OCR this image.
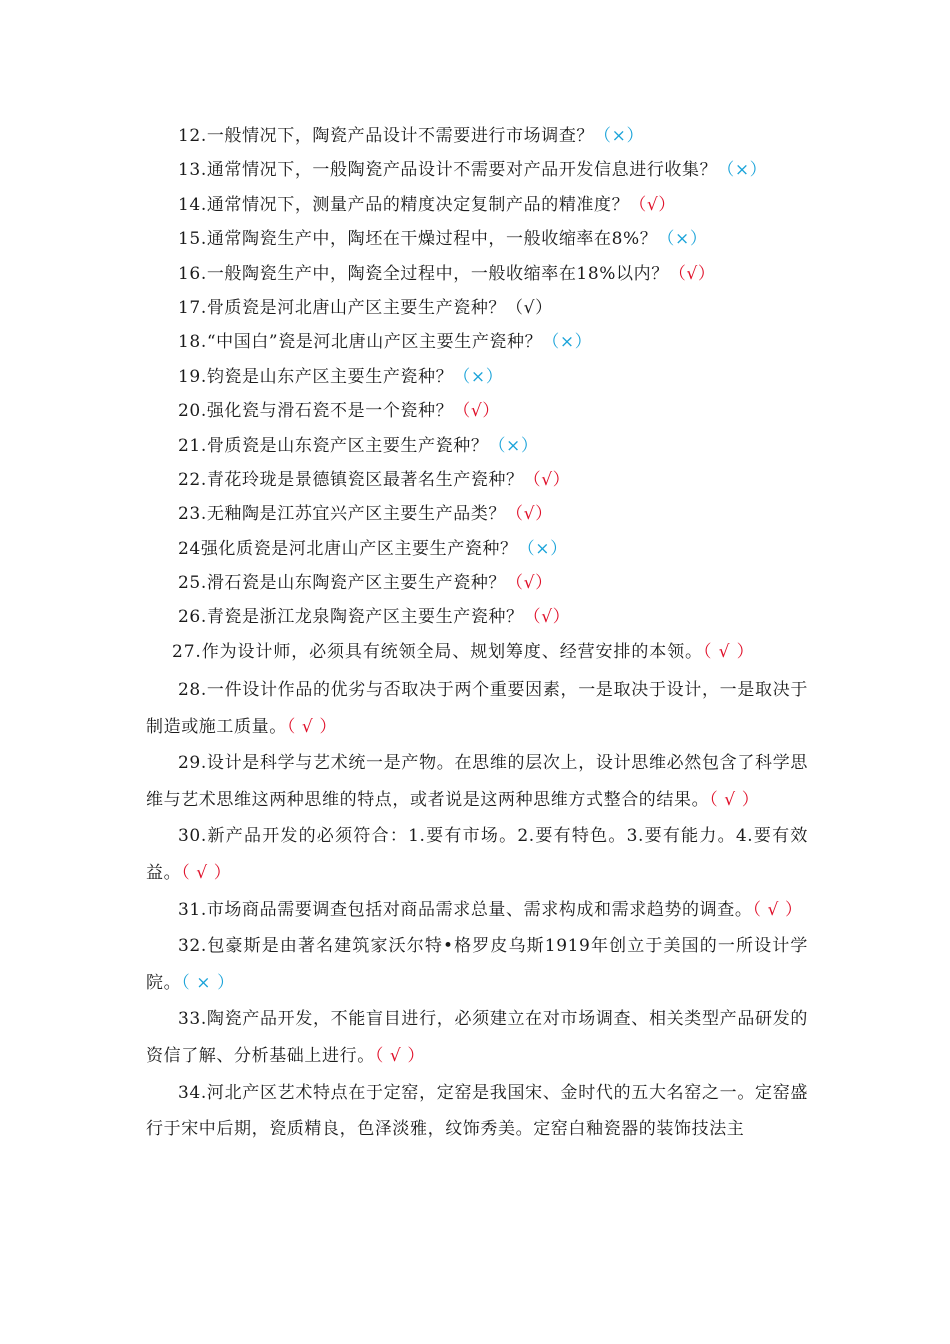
12.一般情况下，陶瓷产品设计不需要进行市场调查？（×）
13.通常情况下，一般陶瓷产品设计不需要对产品开发信息进行收集？（×）
14.通常情况下，测量产品的精度决定复制产品的精准度？（√）
15.通常陶瓷生产中，陶坯在干燥过程中，一般收缩率在8%？（×）
16.一般陶瓷生产中，陶瓷全过程中，一般收缩率在18%以内？（√）
17.骨质瓷是河北唐山产区主要生产瓷种？（√）
18.“中国白”瓷是河北唐山产区主要生产瓷种？（×）
19.钧瓷是山东产区主要生产瓷种？（×）
20.强化瓷与滑石瓷不是一个瓷种？（√）
21.骨质瓷是山东瓷产区主要生产瓷种？（×）
22.青花玲珑是景德镇瓷区最著名生产瓷种？（√）
23.无釉陶是江苏宜兴产区主要生产品类？（√）
24强化质瓷是河北唐山产区主要生产瓷种？（×）
25.滑石瓷是山东陶瓷产区主要生产瓷种？（√）
26.青瓷是浙江龙泉陶瓷产区主要生产瓷种？（√）
27.作为设计师，必须具有统领全局、规划筹度、经营安排的本领。（ √ ）
28.一件设计作品的优劣与否取决于两个重要因素，一是取决于设计，一是取决于制造或施工质量。（ √ ）
29.设计是科学与艺术统一是产物。在思维的层次上，设计思维必然包含了科学思维与艺术思维这两种思维的特点，或者说是这两种思维方式整合的结果。（ √ ）
30.新产品开发的必须符合：1.要有市场。2.要有特色。3.要有能力。4.要有效益。（ √ ）
31.市场商品需要调查包括对商品需求总量、需求构成和需求趋势的调查。（ √ ）
32.包豪斯是由著名建筑家沃尔特•格罗皮乌斯1919年创立于美国的一所设计学院。（ × ）
33.陶瓷产品开发，不能盲目进行，必须建立在对市场调查、相关类型产品研发的资信了解、分析基础上进行。（ √ ）
34.河北产区艺术特点在于定窑，定窑是我国宋、金时代的五大名窑之一。定窑盛行于宋中后期，瓷质精良，色泽淡雅，纹饰秀美。定窑白釉瓷器的装饰技法主
